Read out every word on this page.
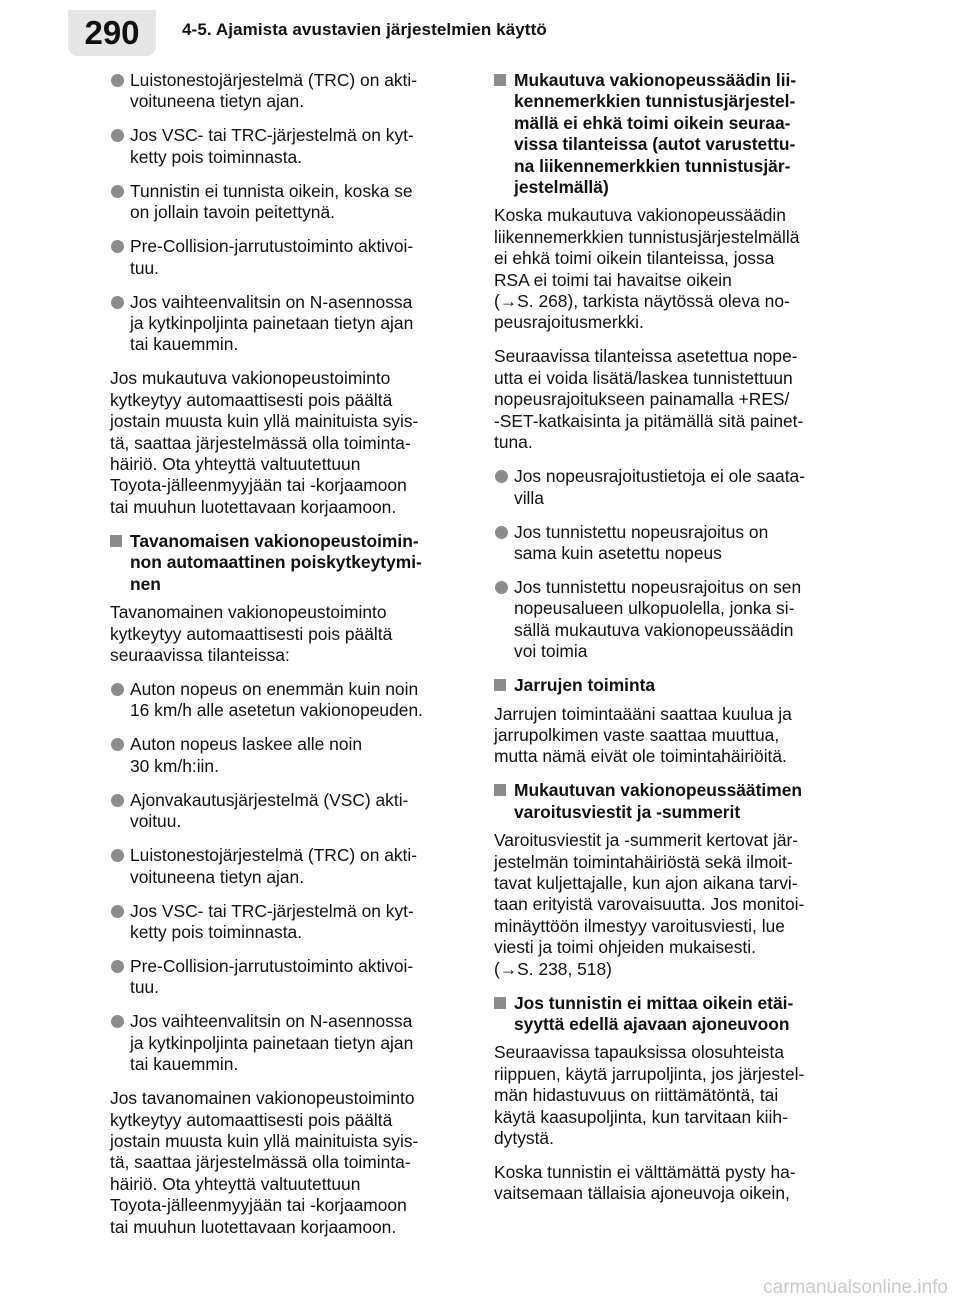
290	4-5. Ajamista avustavien järjestelmien käyttö
Luistonestojärjestelmä (TRC) on akti-
voituneena tietyn ajan.
Jos VSC- tai TRC-järjestelmä on kyt-
ketty pois toiminnasta.
Tunnistin ei tunnista oikein, koska se
on jollain tavoin peitettynä.
Pre-Collision-jarrutustoiminto aktivoi-
tuu.
Jos vaihteenvalitsin on N-asennossa
ja kytkinpoljinta painetaan tietyn ajan
tai kauemmin.
Jos mukautuva vakionopeustoiminto
kytkeytyy automaattisesti pois päältä
jostain muusta kuin yllä mainituista syis-
tä, saattaa järjestelmässä olla toiminta-
häiriö. Ota yhteyttä valtuutettuun
Toyota-jälleenmyyjään tai -korjaamoon
tai muuhun luotettavaan korjaamoon.
Tavanomaisen vakionopeustoimin-
non automaattinen poiskytkeytymi-
nen
Tavanomainen vakionopeustoiminto
kytkeytyy automaattisesti pois päältä
seuraavissa tilanteissa:
Auton nopeus on enemmän kuin noin
16 km/h alle asetetun vakionopeuden.
Auton nopeus laskee alle noin
30 km/h:iin.
Ajonvakautusjärjestelmä (VSC) akti-
voituu.
Luistonestojärjestelmä (TRC) on akti-
voituneena tietyn ajan.
Jos VSC- tai TRC-järjestelmä on kyt-
ketty pois toiminnasta.
Pre-Collision-jarrutustoiminto aktivoi-
tuu.
Jos vaihteenvalitsin on N-asennossa
ja kytkinpoljinta painetaan tietyn ajan
tai kauemmin.
Jos tavanomainen vakionopeustoiminto
kytkeytyy automaattisesti pois päältä
jostain muusta kuin yllä mainituista syis-
tä, saattaa järjestelmässä olla toiminta-
häiriö. Ota yhteyttä valtuutettuun
Toyota-jälleenmyyjään tai -korjaamoon
tai muuhun luotettavaan korjaamoon.
Mukautuva vakionopeussäädin lii-
kennemerkkien tunnistusjärjestel-
mällä ei ehkä toimi oikein seuraa-
vissa tilanteissa (autot varustettu-
na liikennemerkkien tunnistusjär-
jestelmällä)
Koska mukautuva vakionopeussäädin
liikennemerkkien tunnistusjärjestelmällä
ei ehkä toimi oikein tilanteissa, jossa
RSA ei toimi tai havaitse oikein
(→S. 268), tarkista näytössä oleva no-
peusrajoitusmerkki.
Seuraavissa tilanteissa asetettua nope-
utta ei voida lisätä/laskea tunnistettuun
nopeusrajoitukseen painamalla +RES/
-SET-katkaisinta ja pitämällä sitä painet-
tuna.
Jos nopeusrajoitustietoja ei ole saata-
villa
Jos tunnistettu nopeusrajoitus on
sama kuin asetettu nopeus
Jos tunnistettu nopeusrajoitus on sen
nopeusalueen ulkopuolella, jonka si-
sällä mukautuva vakionopeussäädin
voi toimia
Jarrujen toiminta
Jarrujen toimintaääni saattaa kuulua ja
jarrupolkimen vaste saattaa muuttua,
mutta nämä eivät ole toimintahäiriöitä.
Mukautuvan vakionopeussäätimen
varoitusviestit ja -summerit
Varoitusviestit ja -summerit kertovat jär-
jestelmän toimintahäiriöstä sekä ilmoit-
tavat kuljettajalle, kun ajon aikana tarvi-
taan erityistä varovaisuutta. Jos monitoi-
minäyttöön ilmestyy varoitusviesti, lue
viesti ja toimi ohjeiden mukaisesti.
(→S. 238, 518)
Jos tunnistin ei mittaa oikein etäi-
syyttä edellä ajavaan ajoneuvoon
Seuraavissa tapauksissa olosuhteista
riippuen, käytä jarrupoljinta, jos järjestel-
män hidastuvuus on riittämätöntä, tai
käytä kaasupoljinta, kun tarvitaan kiih-
dytystä.
Koska tunnistin ei välttämättä pysty ha-
vaitsemaan tällaisia ajoneuvoja oikein,
carmanualsonline.info
